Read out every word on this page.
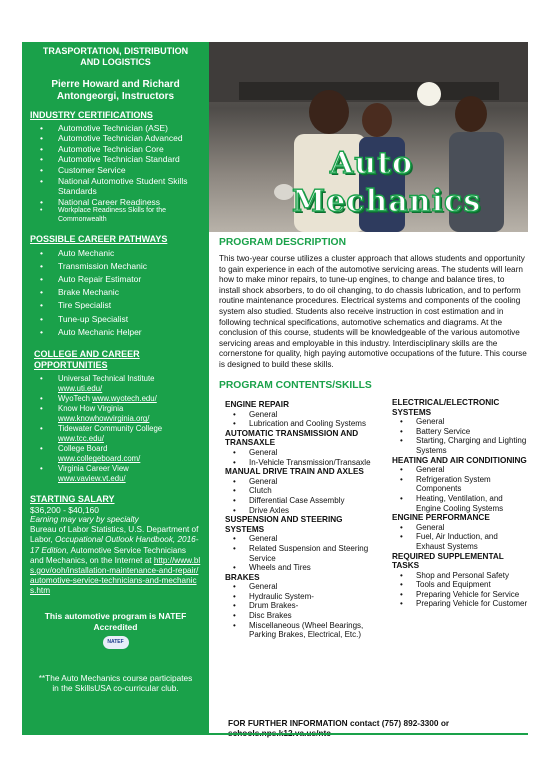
TRASPORTATION, DISTRIBUTION
AND LOGISTICS
Pierre Howard and Richard
Antongeorgi, Instructors
INDUSTRY CERTIFICATIONS
• Automotive Technician (ASE)
• Automotive Technician Advanced
• Automotive Technician Core
• Automotive Technician Standard
• Customer Service
• National Automotive Student Skills Standards
• National Career Readiness
• Workplace Readiness Skills for the Commonwealth
POSSIBLE CAREER PATHWAYS
• Auto Mechanic
• Transmission Mechanic
• Auto Repair Estimator
• Brake Mechanic
• Tire Specialist
• Tune-up Specialist
• Auto Mechanic Helper
COLLEGE AND CAREER
OPPORTUNITIES
• Universal Technical Institute
www.uti.edu/
• WyoTech www.wyotech.edu/
• Know How Virginia
www.knowhowvirginia.org/
• Tidewater Community College
www.tcc.edu/
• College Board
www.collegeboard.com/
• Virginia Career View
www.vaview.vt.edu/
STARTING SALARY
$36,200 - $40,160
Earning may vary by specialty
Bureau of Labor Statistics, U.S. Department of Labor, Occupational Outlook Handbook, 2016-17 Edition, Automotive Service Technicians and Mechanics, on the Internet at http://www.bls.gov/ooh/installation-maintenance-and-repair/automotive-service-technicians-and-mechanics.htm
This automotive program is NATEF
Accredited
NATEF
**The Auto Mechanics course participates
in the SkillsUSA co-curricular club.
Auto
Mechanics
PROGRAM DESCRIPTION
This two-year course utilizes a cluster approach that allows students and opportunity to gain experience in each of the automotive servicing areas. The students will learn how to make minor repairs, to tune-up engines, to change and balance tires, to install shock absorbers, to do oil changing, to do chassis lubrication, and to perform routine maintenance procedures. Electrical systems and components of the cooling system also studied. Students also receive instruction in cost estimation and in following technical specifications, automotive schematics and diagrams. At the conclusion of this course, students will be knowledgeable of the various automotive servicing areas and employable in this industry. Interdisciplinary skills are the cornerstone for quality, high paying automotive occupations of the future. This course is designed to build these skills.
PROGRAM CONTENTS/SKILLS
ENGINE REPAIR
• General
• Lubrication and Cooling Systems
AUTOMATIC TRANSMISSION AND TRANSAXLE
• General
• In-Vehicle Transmission/Transaxle
MANUAL DRIVE TRAIN AND AXLES
• General
• Clutch
• Differential Case Assembly
• Drive Axles
SUSPENSION AND STEERING SYSTEMS
• General
• Related Suspension and Steering Service
• Wheels and Tires
BRAKES
• General
• Hydraulic System-
• Drum Brakes-
• Disc Brakes
• Miscellaneous (Wheel Bearings, Parking Brakes, Electrical, Etc.)
ELECTRICAL/ELECTRONIC SYSTEMS
• General
• Battery Service
• Starting, Charging and Lighting Systems
HEATING AND AIR CONDITIONING
• General
• Refrigeration System Components
• Heating, Ventilation, and Engine Cooling Systems
ENGINE PERFORMANCE
• General
• Fuel, Air Induction, and Exhaust Systems
REQUIRED SUPPLEMENTAL TASKS
• Shop and Personal Safety
• Tools and Equipment
• Preparing Vehicle for Service
• Preparing Vehicle for Customer
FOR FURTHER INFORMATION contact (757) 892-3300 or
